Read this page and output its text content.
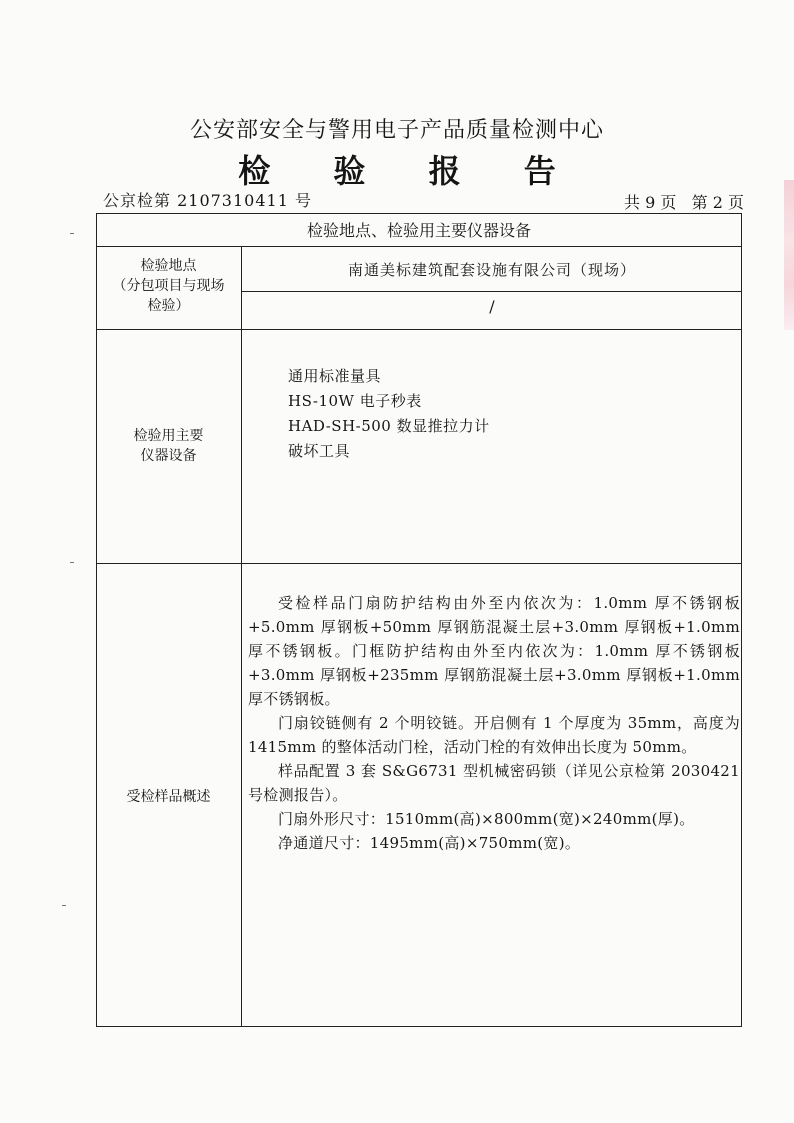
公安部安全与警用电子产品质量检测中心
检 验 报 告
公京检第 2107310411 号	共 9 页 第 2 页
检验地点、检验用主要仪器设备
检验地点
（分包项目与现场
检验）
南通美标建筑配套设施有限公司（现场）
/
检验用主要
仪器设备
通用标准量具
HS-10W 电子秒表
HAD-SH-500 数显推拉力计
破坏工具
受检样品概述

受检样品门扇防护结构由外至内依次为：1.0mm 厚不锈钢板+5.0mm 厚钢板+50mm 厚钢筋混凝土层+3.0mm 厚钢板+1.0mm 厚不锈钢板。门框防护结构由外至内依次为：1.0mm 厚不锈钢板+3.0mm 厚钢板+235mm 厚钢筋混凝土层+3.0mm 厚钢板+1.0mm 厚不锈钢板。

门扇铰链侧有 2 个明铰链。开启侧有 1 个厚度为 35mm，高度为 1415mm 的整体活动门栓，活动门栓的有效伸出长度为 50mm。

样品配置 3 套 S&G6731 型机械密码锁（详见公京检第 2030421 号检测报告）。

门扇外形尺寸：1510mm(高)×800mm(宽)×240mm(厚)。

净通道尺寸：1495mm(高)×750mm(宽)。
